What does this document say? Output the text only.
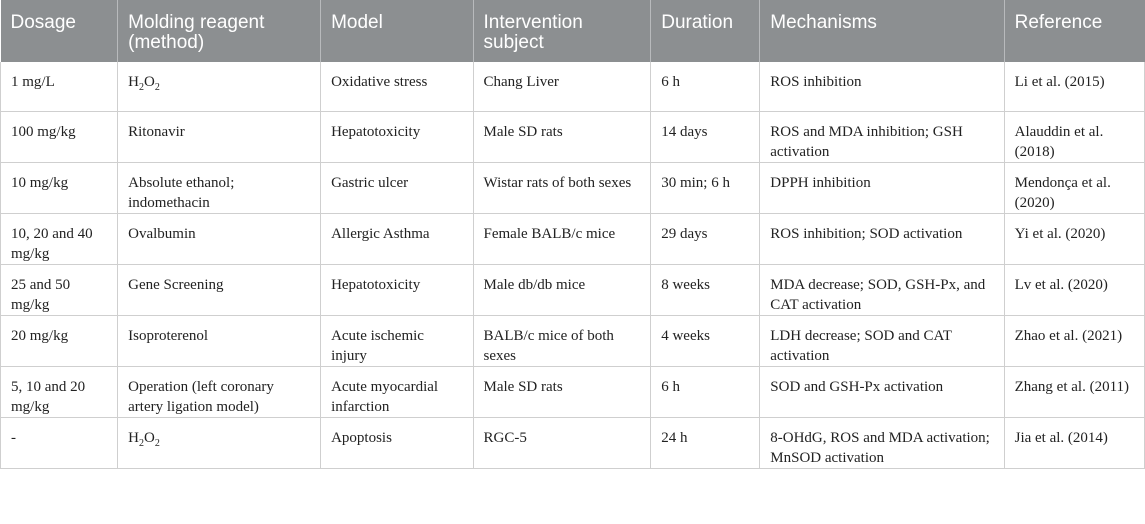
Dosage	Molding reagent (method)	Model	Intervention subject	Duration	Mechanisms	Reference
1 mg/L	$H_2O_2$	Oxidative stress	Chang Liver	6 h	ROS inhibition	Li et al. (2015)
100 mg/kg	Ritonavir	Hepatotoxicity	Male SD rats	14 days	ROS and MDA inhibition; GSH activation	Alauddin et al. (2018)
10 mg/kg	Absolute ethanol; indomethacin	Gastric ulcer	Wistar rats of both sexes	30 min; 6 h	DPPH inhibition	Mendonça et al. (2020)
10, 20 and 40 mg/kg	Ovalbumin	Allergic Asthma	Female BALB/c mice	29 days	ROS inhibition; SOD activation	Yi et al. (2020)
25 and 50 mg/kg	Gene Screening	Hepatotoxicity	Male db/db mice	8 weeks	MDA decrease; SOD, GSH-Px, and CAT activation	Lv et al. (2020)
20 mg/kg	Isoproterenol	Acute ischemic injury	BALB/c mice of both sexes	4 weeks	LDH decrease; SOD and CAT activation	Zhao et al. (2021)
5, 10 and 20 mg/kg	Operation (left coronary artery ligation model)	Acute myocardial infarction	Male SD rats	6 h	SOD and GSH-Px activation	Zhang et al. (2011)
-	$H_2O_2$	Apoptosis	RGC-5	24 h	8-OHdG, ROS and MDA activation; MnSOD activation	Jia et al. (2014)
